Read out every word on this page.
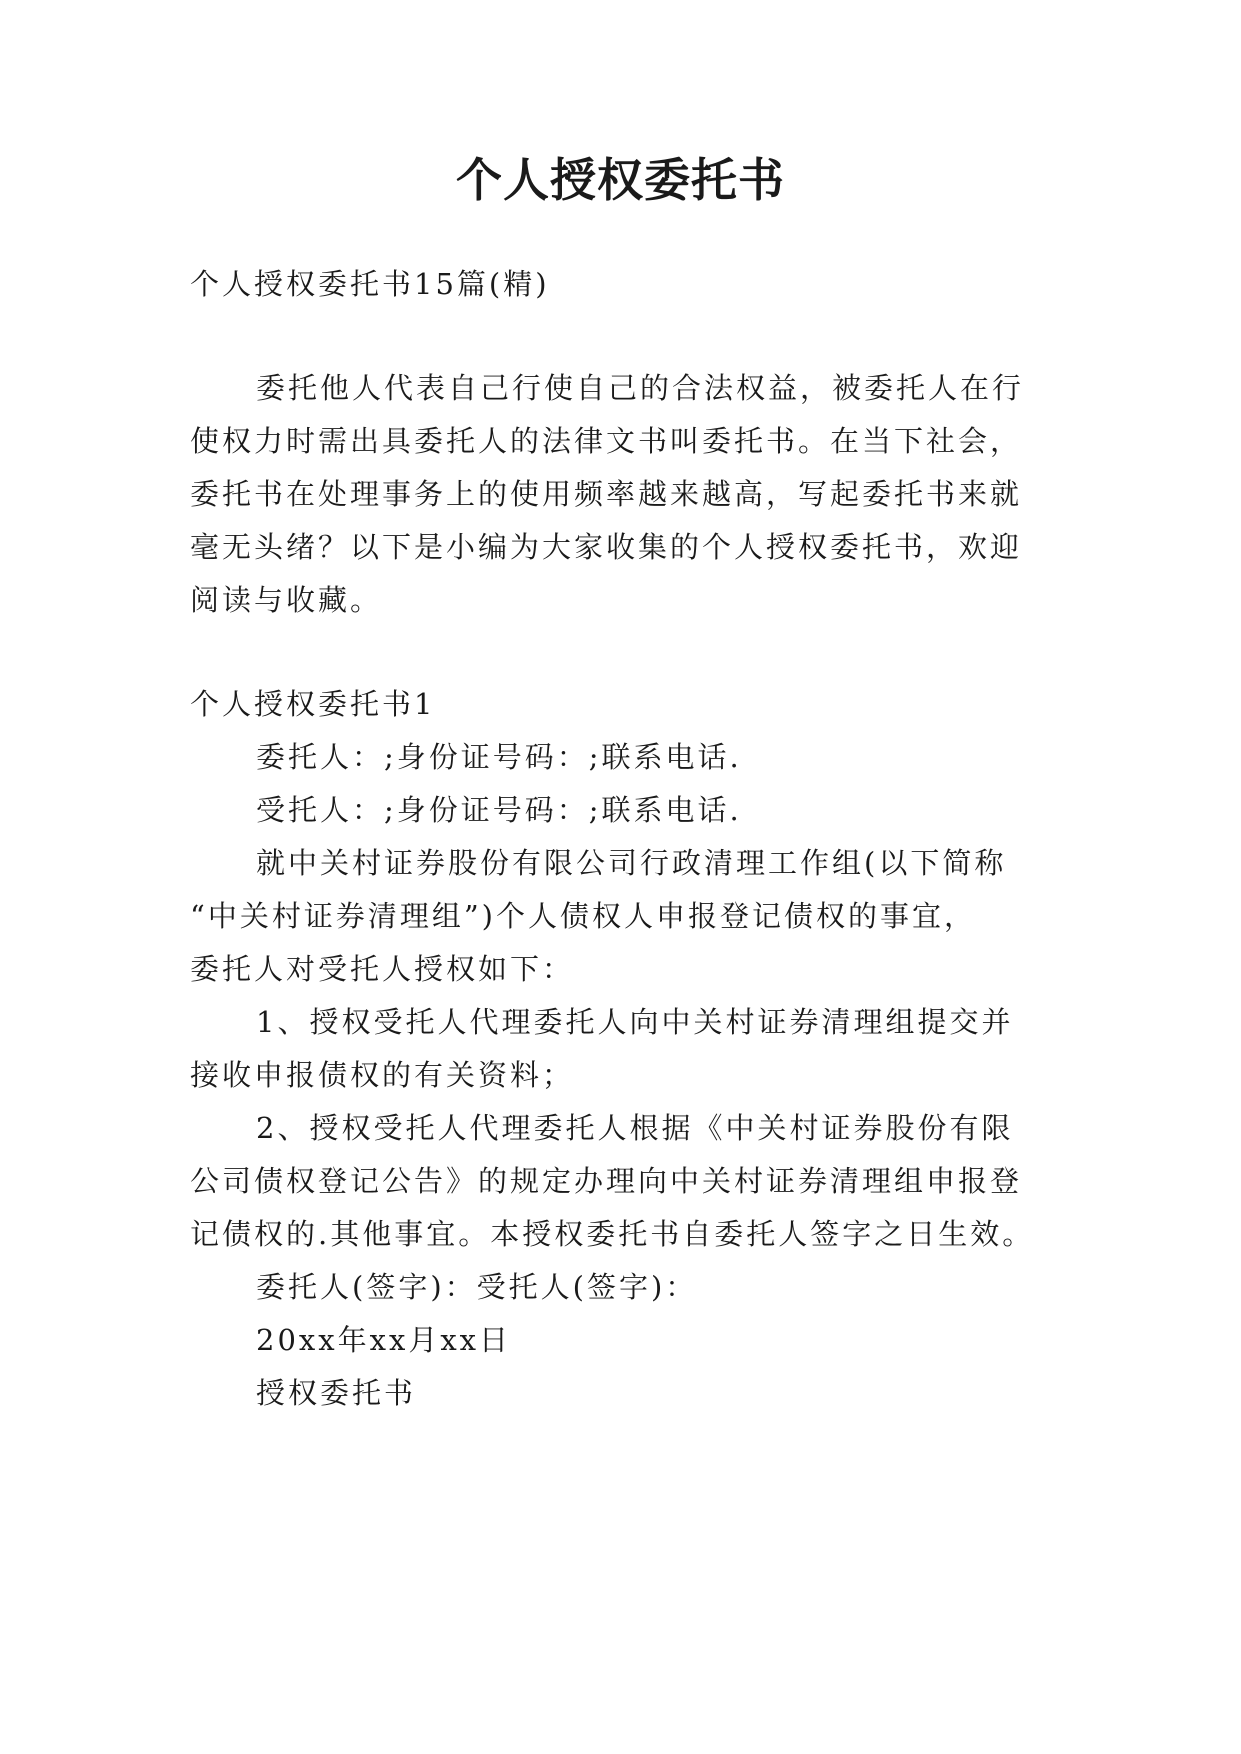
个人授权委托书
个人授权委托书15篇(精)
委托他人代表自己行使自己的合法权益，被委托人在行
使权力时需出具委托人的法律文书叫委托书。在当下社会，
委托书在处理事务上的使用频率越来越高，写起委托书来就
毫无头绪？以下是小编为大家收集的个人授权委托书，欢迎
阅读与收藏。
个人授权委托书1
委托人：;身份证号码：;联系电话.
受托人：;身份证号码：;联系电话.
就中关村证券股份有限公司行政清理工作组(以下简称
“中关村证券清理组”)个人债权人申报登记债权的事宜，
委托人对受托人授权如下：
1、授权受托人代理委托人向中关村证券清理组提交并
接收申报债权的有关资料；
2、授权受托人代理委托人根据《中关村证券股份有限
公司债权登记公告》的规定办理向中关村证券清理组申报登
记债权的.其他事宜。本授权委托书自委托人签字之日生效。
委托人(签字)：受托人(签字)：
20xx年xx月xx日
授权委托书
